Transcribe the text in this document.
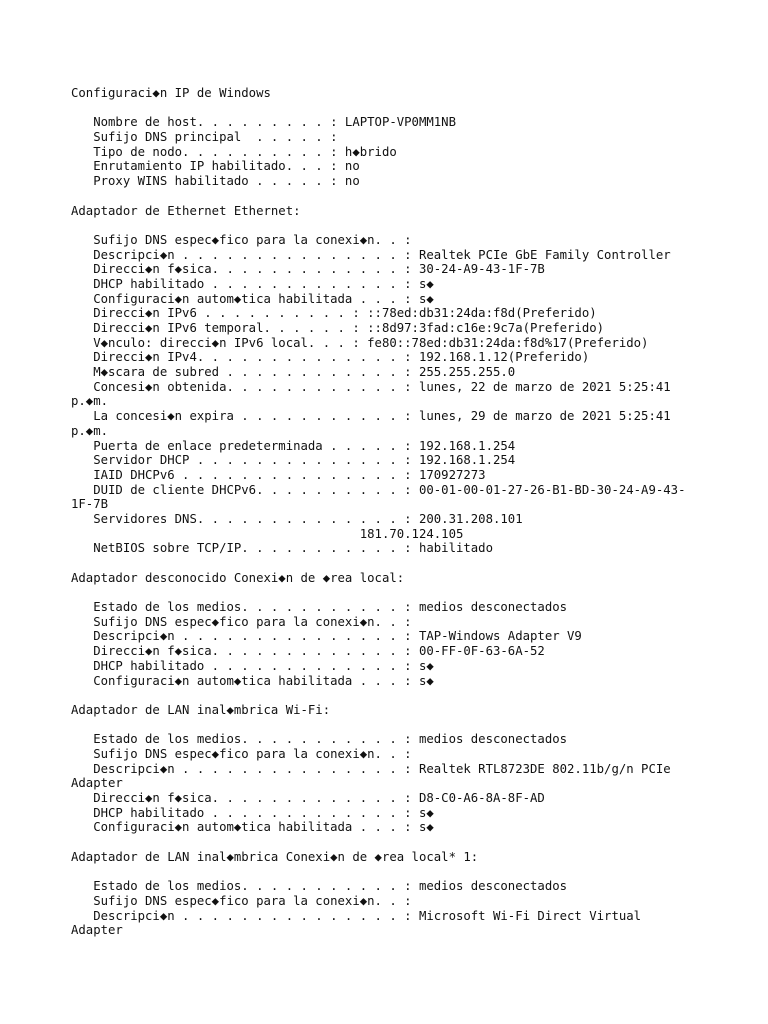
Configuraci◆n IP de Windows
Nombre de host. . . . . . . . . : LAPTOP-VP0MM1NB
Sufijo DNS principal  . . . . . :
Tipo de nodo. . . . . . . . . . : h◆brido
Enrutamiento IP habilitado. . . : no
Proxy WINS habilitado . . . . . : no
Adaptador de Ethernet Ethernet:
Sufijo DNS espec◆fico para la conexi◆n. . :
Descripci◆n . . . . . . . . . . . . . . . : Realtek PCIe GbE Family Controller
Direcci◆n f◆sica. . . . . . . . . . . . . : 30-24-A9-43-1F-7B
DHCP habilitado . . . . . . . . . . . . . : s◆
Configuraci◆n autom◆tica habilitada . . . : s◆
Direcci◆n IPv6 . . . . . . . . . . : ::78ed:db31:24da:f8d(Preferido)
Direcci◆n IPv6 temporal. . . . . . : ::8d97:3fad:c16e:9c7a(Preferido)
V◆nculo: direcci◆n IPv6 local. . . : fe80::78ed:db31:24da:f8d%17(Preferido)
Direcci◆n IPv4. . . . . . . . . . . . . . : 192.168.1.12(Preferido)
M◆scara de subred . . . . . . . . . . . . : 255.255.255.0
Concesi◆n obtenida. . . . . . . . . . . . : lunes, 22 de marzo de 2021 5:25:41
p.◆m.
La concesi◆n expira . . . . . . . . . . . : lunes, 29 de marzo de 2021 5:25:41
p.◆m.
Puerta de enlace predeterminada . . . . . : 192.168.1.254
Servidor DHCP . . . . . . . . . . . . . . : 192.168.1.254
IAID DHCPv6 . . . . . . . . . . . . . . . : 170927273
DUID de cliente DHCPv6. . . . . . . . . . : 00-01-00-01-27-26-B1-BD-30-24-A9-43-
1F-7B
Servidores DNS. . . . . . . . . . . . . . : 200.31.208.101
181.70.124.105
NetBIOS sobre TCP/IP. . . . . . . . . . . : habilitado
Adaptador desconocido Conexi◆n de ◆rea local:
Estado de los medios. . . . . . . . . . . : medios desconectados
Sufijo DNS espec◆fico para la conexi◆n. . :
Descripci◆n . . . . . . . . . . . . . . . : TAP-Windows Adapter V9
Direcci◆n f◆sica. . . . . . . . . . . . . : 00-FF-0F-63-6A-52
DHCP habilitado . . . . . . . . . . . . . : s◆
Configuraci◆n autom◆tica habilitada . . . : s◆
Adaptador de LAN inal◆mbrica Wi-Fi:
Estado de los medios. . . . . . . . . . . : medios desconectados
Sufijo DNS espec◆fico para la conexi◆n. . :
Descripci◆n . . . . . . . . . . . . . . . : Realtek RTL8723DE 802.11b/g/n PCIe
Adapter
Direcci◆n f◆sica. . . . . . . . . . . . . : D8-C0-A6-8A-8F-AD
DHCP habilitado . . . . . . . . . . . . . : s◆
Configuraci◆n autom◆tica habilitada . . . : s◆
Adaptador de LAN inal◆mbrica Conexi◆n de ◆rea local* 1:
Estado de los medios. . . . . . . . . . . : medios desconectados
Sufijo DNS espec◆fico para la conexi◆n. . :
Descripci◆n . . . . . . . . . . . . . . . : Microsoft Wi-Fi Direct Virtual
Adapter
